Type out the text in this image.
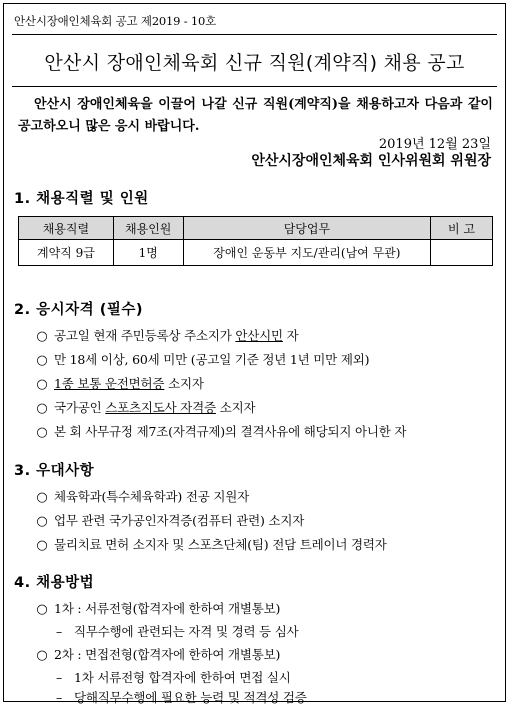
안산시장애인체육회 공고 제2019 - 10호
안산시 장애인체육회 신규 직원(계약직) 채용 공고
안산시 장애인체육을 이끌어 나갈 신규 직원(계약직)을 채용하고자 다음과 같이 공고하오니 많은 응시 바랍니다.
2019년 12월 23일
안산시장애인체육회 인사위원회 위원장
1. 채용직렬 및 인원
채용직렬	채용인원	담당업무	비 고
계약직 9급	1명	장애인 운동부 지도/관리(남여 무관)	
2. 응시자격 (필수)
○ 공고일 현재 주민등록상 주소지가 안산시민 자
○ 만 18세 이상, 60세 미만 (공고일 기준 정년 1년 미만 제외)
○ 1종 보통 운전면허증 소지자
○ 국가공인 스포츠지도사 자격증 소지자
○ 본 회 사무규정 제7조(자격규제)의 결격사유에 해당되지 아니한 자
3. 우대사항
○ 체육학과(특수체육학과) 전공 지원자
○ 업무 관련 국가공인자격증(컴퓨터 관련) 소지자
○ 물리치료 면허 소지자 및 스포츠단체(팀) 전담 트레이너 경력자
4. 채용방법
○ 1차 : 서류전형(합격자에 한하여 개별통보)
– 직무수행에 관련되는 자격 및 경력 등 심사
○ 2차 : 면접전형(합격자에 한하여 개별통보)
– 1차 서류전형 합격자에 한하여 면접 실시
– 당해직무수행에 필요한 능력 및 적격성 검증
